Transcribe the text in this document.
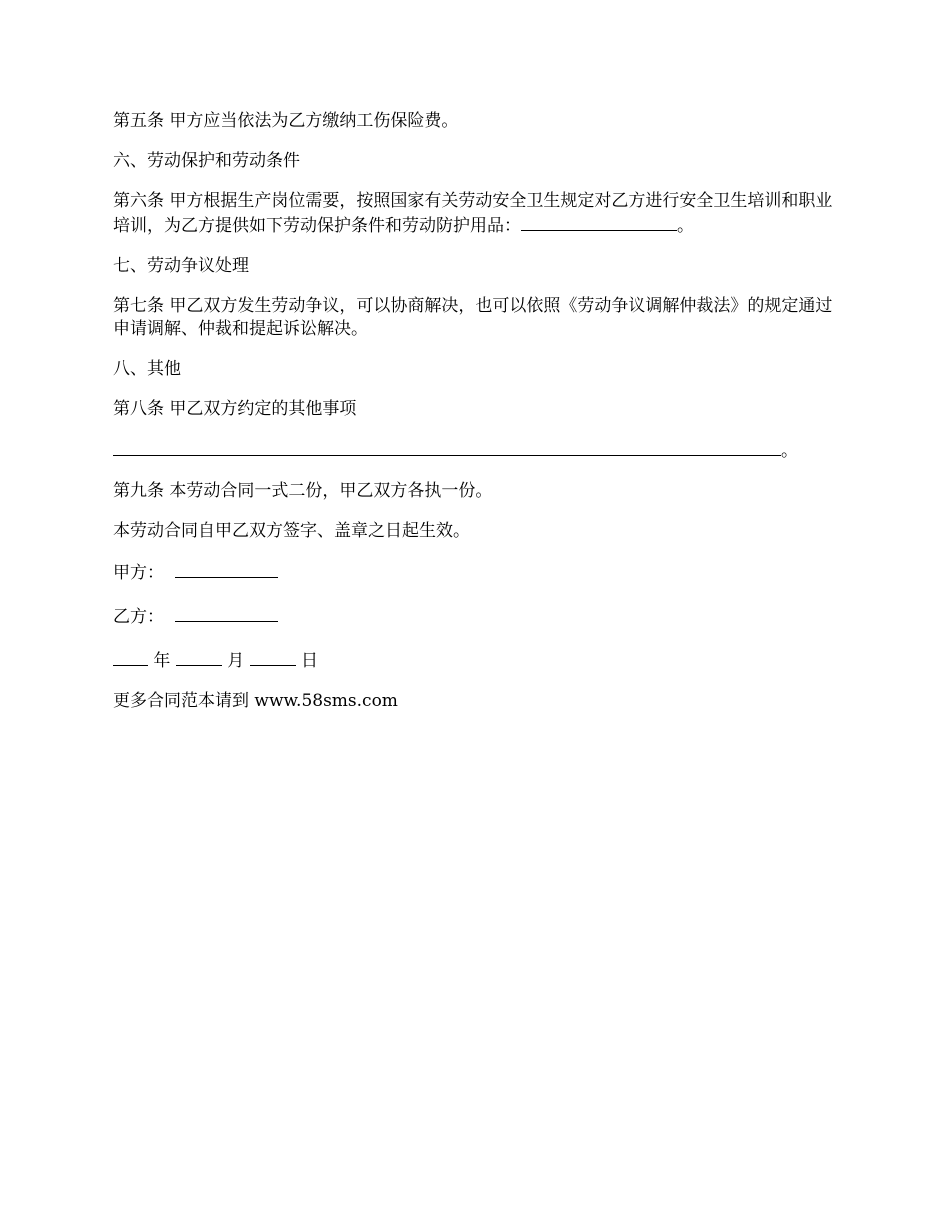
第五条 甲方应当依法为乙方缴纳工伤保险费。

六、劳动保护和劳动条件

第六条 甲方根据生产岗位需要，按照国家有关劳动安全卫生规定对乙方进行安全卫生培训和职业培训，为乙方提供如下劳动保护条件和劳动防护用品：	。

七、劳动争议处理

第七条 甲乙双方发生劳动争议，可以协商解决，也可以依照《劳动争议调解仲裁法》的规定通过申请调解、仲裁和提起诉讼解决。

八、其他

第八条 甲乙双方约定的其他事项

。

第九条 本劳动合同一式二份，甲乙双方各执一份。

本劳动合同自甲乙双方签字、盖章之日起生效。

甲方：

乙方：

年	月	日

更多合同范本请到 www.58sms.com
